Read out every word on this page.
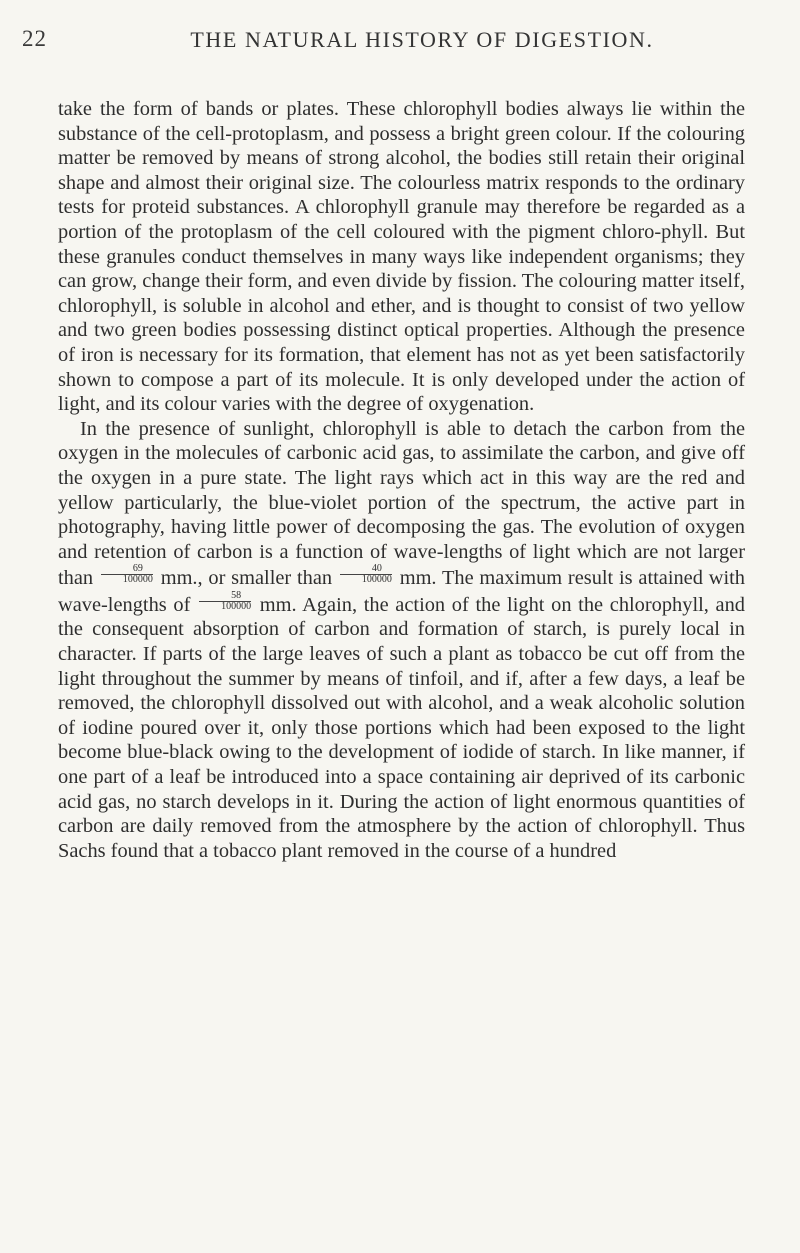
22	THE NATURAL HISTORY OF DIGESTION.

take the form of bands or plates. These chlorophyll bodies always lie within the substance of the cell-protoplasm, and possess a bright green colour. If the colouring matter be removed by means of strong alcohol, the bodies still retain their original shape and almost their original size. The colourless matrix responds to the ordinary tests for proteid substances. A chlorophyll granule may therefore be regarded as a portion of the protoplasm of the cell coloured with the pigment chloro-phyll. But these granules conduct themselves in many ways like independent organisms; they can grow, change their form, and even divide by fission. The colouring matter itself, chlorophyll, is soluble in alcohol and ether, and is thought to consist of two yellow and two green bodies possessing distinct optical properties. Although the presence of iron is necessary for its formation, that element has not as yet been satisfactorily shown to compose a part of its molecule. It is only developed under the action of light, and its colour varies with the degree of oxygenation.

In the presence of sunlight, chlorophyll is able to detach the carbon from the oxygen in the molecules of carbonic acid gas, to assimilate the carbon, and give off the oxygen in a pure state. The light rays which act in this way are the red and yellow particularly, the blue-violet portion of the spectrum, the active part in photography, having little power of decomposing the gas. The evolution of oxygen and retention of carbon is a function of wave-lengths of light which are not larger than $\frac{69}{100000}$ mm., or smaller than $\frac{40}{100000}$ mm. The maximum result is attained with wave-lengths of $\frac{58}{100000}$ mm. Again, the action of the light on the chlorophyll, and the consequent absorption of carbon and formation of starch, is purely local in character. If parts of the large leaves of such a plant as tobacco be cut off from the light throughout the summer by means of tinfoil, and if, after a few days, a leaf be removed, the chlorophyll dissolved out with alcohol, and a weak alcoholic solution of iodine poured over it, only those portions which had been exposed to the light become blue-black owing to the development of iodide of starch. In like manner, if one part of a leaf be introduced into a space containing air deprived of its carbonic acid gas, no starch develops in it. During the action of light enormous quantities of carbon are daily removed from the atmosphere by the action of chlorophyll. Thus Sachs found that a tobacco plant removed in the course of a hundred
